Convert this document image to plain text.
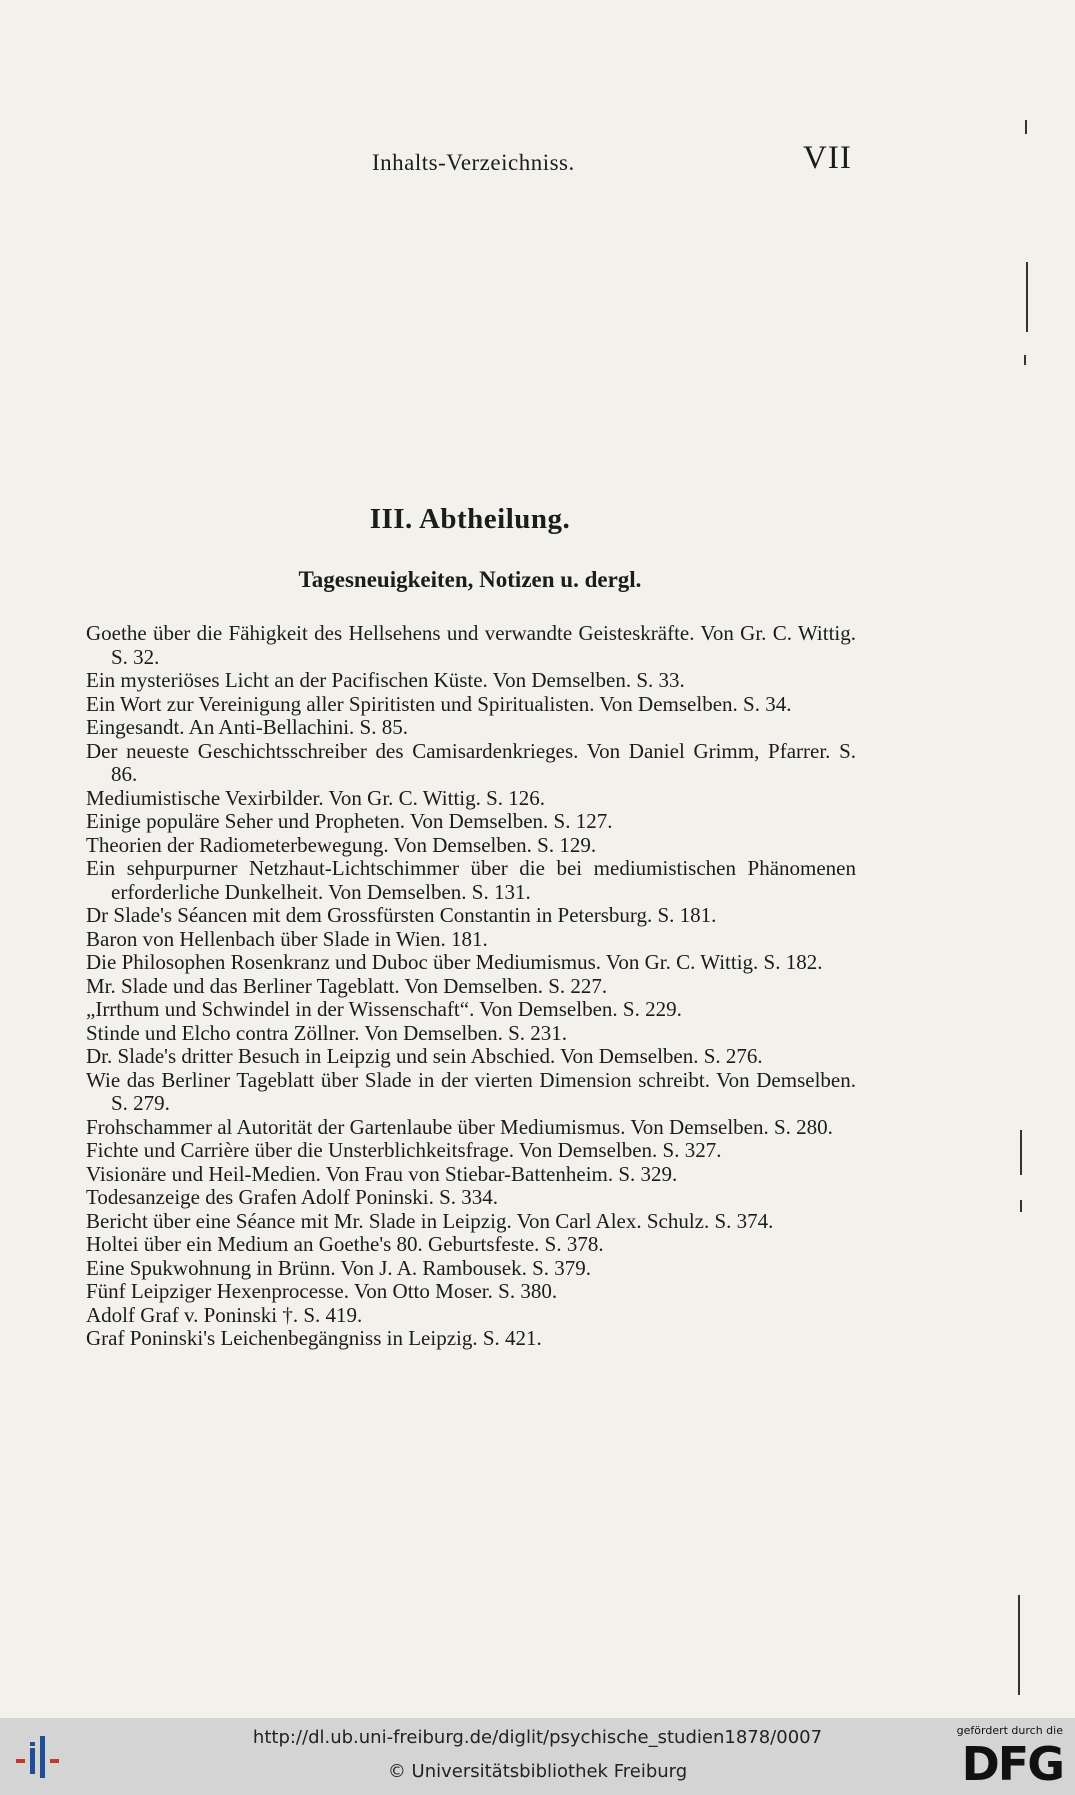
Inhalts-Verzeichniss.	VII
III. Abtheilung.
Tagesneuigkeiten, Notizen u. dergl.
Goethe über die Fähigkeit des Hellsehens und verwandte Geisteskräfte. Von Gr. C. Wittig. S. 32.
Ein mysteriöses Licht an der Pacifischen Küste. Von Demselben. S. 33.
Ein Wort zur Vereinigung aller Spiritisten und Spiritualisten. Von Demselben. S. 34.
Eingesandt. An Anti-Bellachini. S. 85.
Der neueste Geschichtsschreiber des Camisardenkrieges. Von Daniel Grimm, Pfarrer. S. 86.
Mediumistische Vexirbilder. Von Gr. C. Wittig. S. 126.
Einige populäre Seher und Propheten. Von Demselben. S. 127.
Theorien der Radiometerbewegung. Von Demselben. S. 129.
Ein sehpurpurner Netzhaut-Lichtschimmer über die bei mediumistischen Phänomenen erforderliche Dunkelheit. Von Demselben. S. 131.
Dr Slade's Séancen mit dem Grossfürsten Constantin in Petersburg. S. 181.
Baron von Hellenbach über Slade in Wien. 181.
Die Philosophen Rosenkranz und Duboc über Mediumismus. Von Gr. C. Wittig. S. 182.
Mr. Slade und das Berliner Tageblatt. Von Demselben. S. 227.
„Irrthum und Schwindel in der Wissenschaft“. Von Demselben. S. 229.
Stinde und Elcho contra Zöllner. Von Demselben. S. 231.
Dr. Slade's dritter Besuch in Leipzig und sein Abschied. Von Demselben. S. 276.
Wie das Berliner Tageblatt über Slade in der vierten Dimension schreibt. Von Demselben. S. 279.
Frohschammer al Autorität der Gartenlaube über Mediumismus. Von Demselben. S. 280.
Fichte und Carrière über die Unsterblichkeitsfrage. Von Demselben. S. 327.
Visionäre und Heil-Medien. Von Frau von Stiebar-Battenheim. S. 329.
Todesanzeige des Grafen Adolf Poninski. S. 334.
Bericht über eine Séance mit Mr. Slade in Leipzig. Von Carl Alex. Schulz. S. 374.
Holtei über ein Medium an Goethe's 80. Geburtsfeste. S. 378.
Eine Spukwohnung in Brünn. Von J. A. Rambousek. S. 379.
Fünf Leipziger Hexenprocesse. Von Otto Moser. S. 380.
Adolf Graf v. Poninski †. S. 419.
Graf Poninski's Leichenbegängniss in Leipzig. S. 421.
http://dl.ub.uni-freiburg.de/diglit/psychische_studien1878/0007
© Universitätsbibliothek Freiburg
gefördert durch die
DFG
